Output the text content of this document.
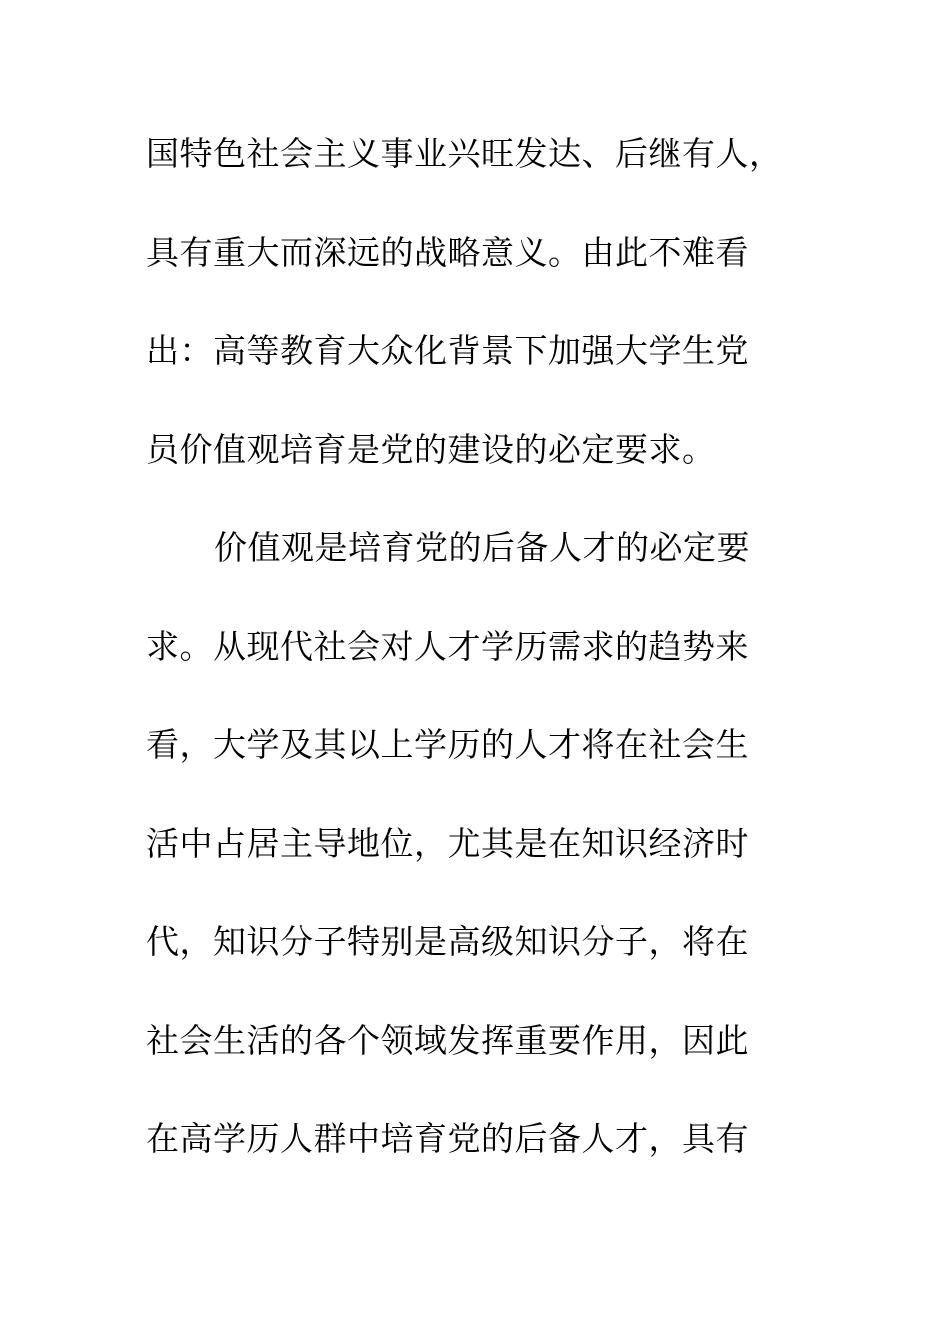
国特色社会主义事业兴旺发达、后继有人，
具有重大而深远的战略意义。由此不难看
出：高等教育大众化背景下加强大学生党
员价值观培育是党的建设的必定要求。
价值观是培育党的后备人才的必定要
求。从现代社会对人才学历需求的趋势来
看，大学及其以上学历的人才将在社会生
活中占居主导地位，尤其是在知识经济时
代，知识分子特别是高级知识分子，将在
社会生活的各个领域发挥重要作用，因此
在高学历人群中培育党的后备人才，具有
